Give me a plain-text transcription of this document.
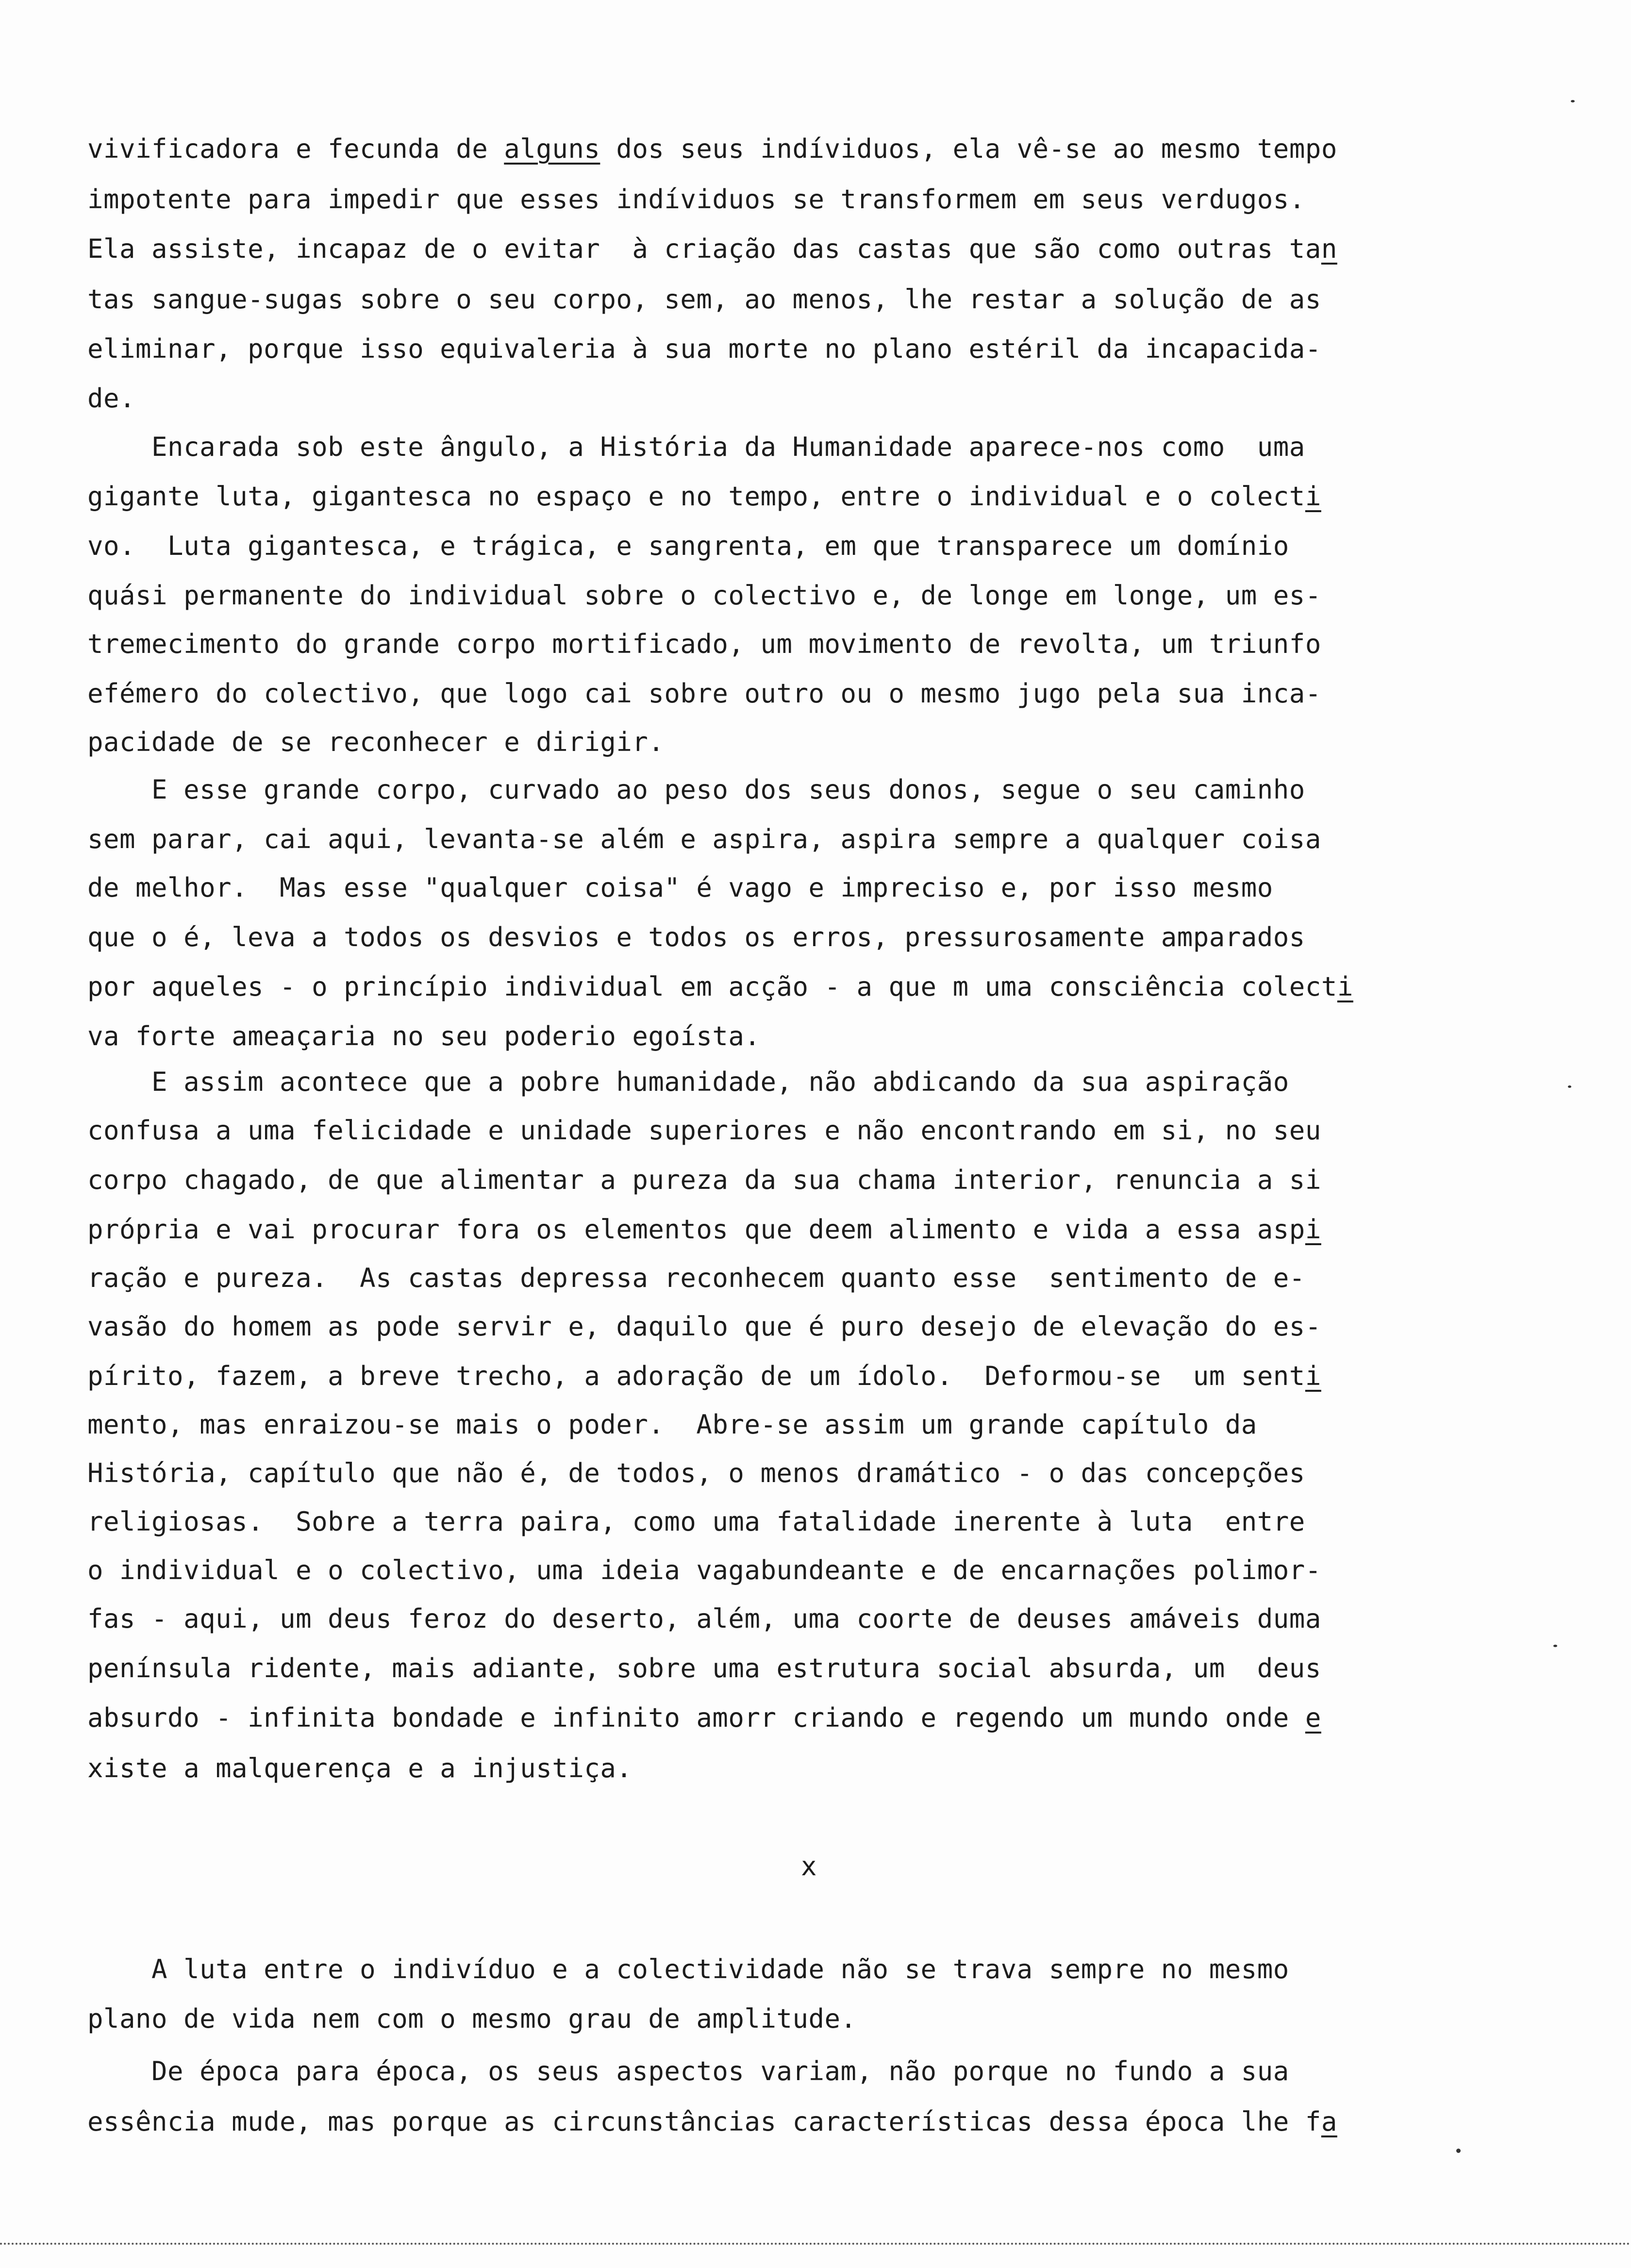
vivificadora e fecunda de alguns dos seus indíviduos, ela vê-se ao mesmo tempo
impotente para impedir que esses indíviduos se transformem em seus verdugos.
Ela assiste, incapaz de o evitar  à criação das castas que são como outras tan
tas sangue-sugas sobre o seu corpo, sem, ao menos, lhe restar a solução de as
eliminar, porque isso equivaleria à sua morte no plano estéril da incapacida-
de.
Encarada sob este ângulo, a História da Humanidade aparece-nos como  uma
gigante luta, gigantesca no espaço e no tempo, entre o individual e o colecti
vo.  Luta gigantesca, e trágica, e sangrenta, em que transparece um domínio
quási permanente do individual sobre o colectivo e, de longe em longe, um es-
tremecimento do grande corpo mortificado, um movimento de revolta, um triunfo
efémero do colectivo, que logo cai sobre outro ou o mesmo jugo pela sua inca-
pacidade de se reconhecer e dirigir.
E esse grande corpo, curvado ao peso dos seus donos, segue o seu caminho
sem parar, cai aqui, levanta-se além e aspira, aspira sempre a qualquer coisa
de melhor.  Mas esse "qualquer coisa" é vago e impreciso e, por isso mesmo
que o é, leva a todos os desvios e todos os erros, pressurosamente amparados
por aqueles - o princípio individual em acção - a que m uma consciência colecti
va forte ameaçaria no seu poderio egoísta.
E assim acontece que a pobre humanidade, não abdicando da sua aspiração
confusa a uma felicidade e unidade superiores e não encontrando em si, no seu
corpo chagado, de que alimentar a pureza da sua chama interior, renuncia a si
própria e vai procurar fora os elementos que deem alimento e vida a essa aspi
ração e pureza.  As castas depressa reconhecem quanto esse  sentimento de e-
vasão do homem as pode servir e, daquilo que é puro desejo de elevação do es-
pírito, fazem, a breve trecho, a adoração de um ídolo.  Deformou-se  um senti
mento, mas enraizou-se mais o poder.  Abre-se assim um grande capítulo da
História, capítulo que não é, de todos, o menos dramático - o das concepções
religiosas.  Sobre a terra paira, como uma fatalidade inerente à luta  entre
o individual e o colectivo, uma ideia vagabundeante e de encarnações polimor-
fas - aqui, um deus feroz do deserto, além, uma coorte de deuses amáveis duma
península ridente, mais adiante, sobre uma estrutura social absurda, um  deus
absurdo - infinita bondade e infinito amorr criando e regendo um mundo onde e
xiste a malquerença e a injustiça.
x
A luta entre o indivíduo e a colectividade não se trava sempre no mesmo
plano de vida nem com o mesmo grau de amplitude.
De época para época, os seus aspectos variam, não porque no fundo a sua
essência mude, mas porque as circunstâncias características dessa época lhe fa
